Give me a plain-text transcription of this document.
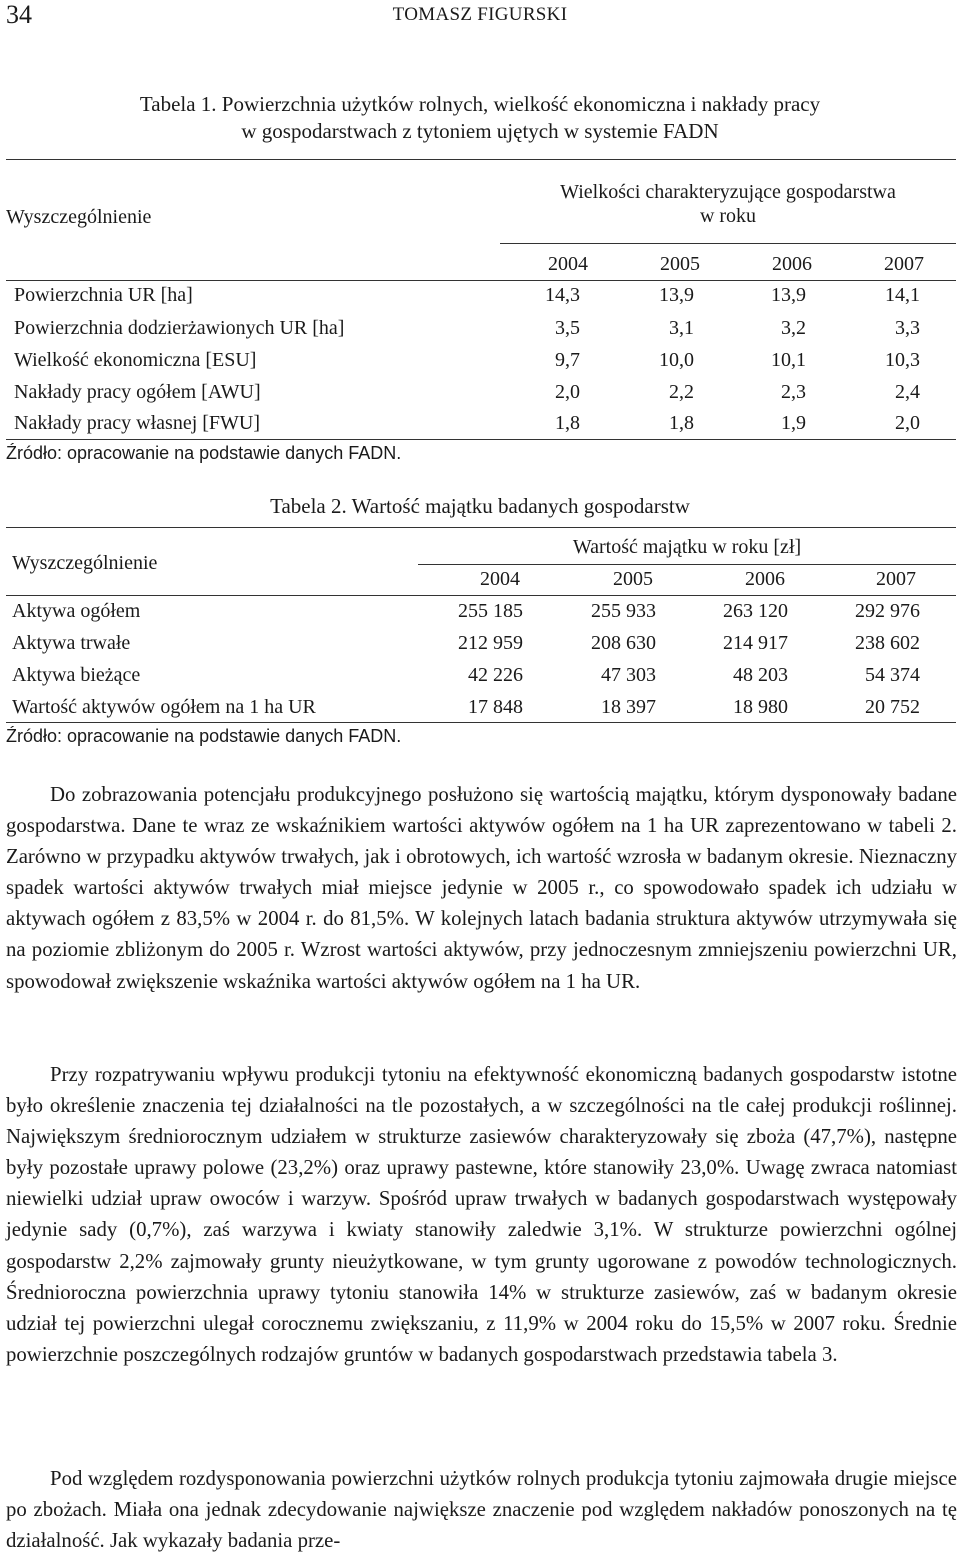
34	TOMASZ FIGURSKI
Tabela 1. Powierzchnia użytków rolnych, wielkość ekonomiczna i nakłady pracy
w gospodarstwach z tytoniem ujętych w systemie FADN
Wyszczególnienie
Wielkości charakteryzujące gospodarstwa
w roku
2004	2005	2006	2007
Powierzchnia UR [ha]	14,3	13,9	13,9	14,1
Powierzchnia dodzierżawionych UR [ha]	3,5	3,1	3,2	3,3
Wielkość ekonomiczna [ESU]	9,7	10,0	10,1	10,3
Nakłady pracy ogółem [AWU]	2,0	2,2	2,3	2,4
Nakłady pracy własnej [FWU]	1,8	1,8	1,9	2,0
Źródło: opracowanie na podstawie danych FADN.
Tabela 2. Wartość majątku badanych gospodarstw
Wyszczególnienie
Wartość majątku w roku [zł]
2004	2005	2006	2007
Aktywa ogółem	255 185	255 933	263 120	292 976
Aktywa trwałe	212 959	208 630	214 917	238 602
Aktywa bieżące	42 226	47 303	48 203	54 374
Wartość aktywów ogółem na 1 ha UR	17 848	18 397	18 980	20 752
Źródło: opracowanie na podstawie danych FADN.

Do zobrazowania potencjału produkcyjnego posłużono się wartością majątku, którym dysponowały badane gospodarstwa. Dane te wraz ze wskaźnikiem wartości aktywów ogółem na 1 ha UR zaprezentowano w tabeli 2. Zarówno w przypadku aktywów trwałych, jak i obrotowych, ich wartość wzrosła w badanym okresie. Nieznaczny spadek wartości aktywów trwałych miał miejsce jedynie w 2005 r., co spowodowało spadek ich udziału w aktywach ogółem z 83,5% w 2004 r. do 81,5%. W kolejnych latach badania struktura aktywów utrzymywała się na poziomie zbliżonym do 2005 r. Wzrost wartości aktywów, przy jednoczesnym zmniejszeniu powierzchni UR, spowodował zwiększenie wskaźnika wartości aktywów ogółem na 1 ha UR.

Przy rozpatrywaniu wpływu produkcji tytoniu na efektywność ekonomiczną badanych gospodarstw istotne było określenie znaczenia tej działalności na tle pozostałych, a w szczególności na tle całej produkcji roślinnej. Największym średniorocznym udziałem w strukturze zasiewów charakteryzowały się zboża (47,7%), następne były pozostałe uprawy polowe (23,2%) oraz uprawy pastewne, które stanowiły 23,0%. Uwagę zwraca natomiast niewielki udział upraw owoców i warzyw. Spośród upraw trwałych w badanych gospodarstwach występowały jedynie sady (0,7%), zaś warzywa i kwiaty stanowiły zaledwie 3,1%. W strukturze powierzchni ogólnej gospodarstw 2,2% zajmowały grunty nieużytkowane, w tym grunty ugorowane z powodów technologicznych. Średnioroczna powierzchnia uprawy tytoniu stanowiła 14% w strukturze zasiewów, zaś w badanym okresie udział tej powierzchni ulegał corocznemu zwiększaniu, z 11,9% w 2004 roku do 15,5% w 2007 roku. Średnie powierzchnie poszczególnych rodzajów gruntów w badanych gospodarstwach przedstawia tabela 3.

Pod względem rozdysponowania powierzchni użytków rolnych produkcja tytoniu zajmowała drugie miejsce po zbożach. Miała ona jednak zdecydowanie największe znaczenie pod względem nakładów ponoszonych na tę działalność. Jak wykazały badania prze-
